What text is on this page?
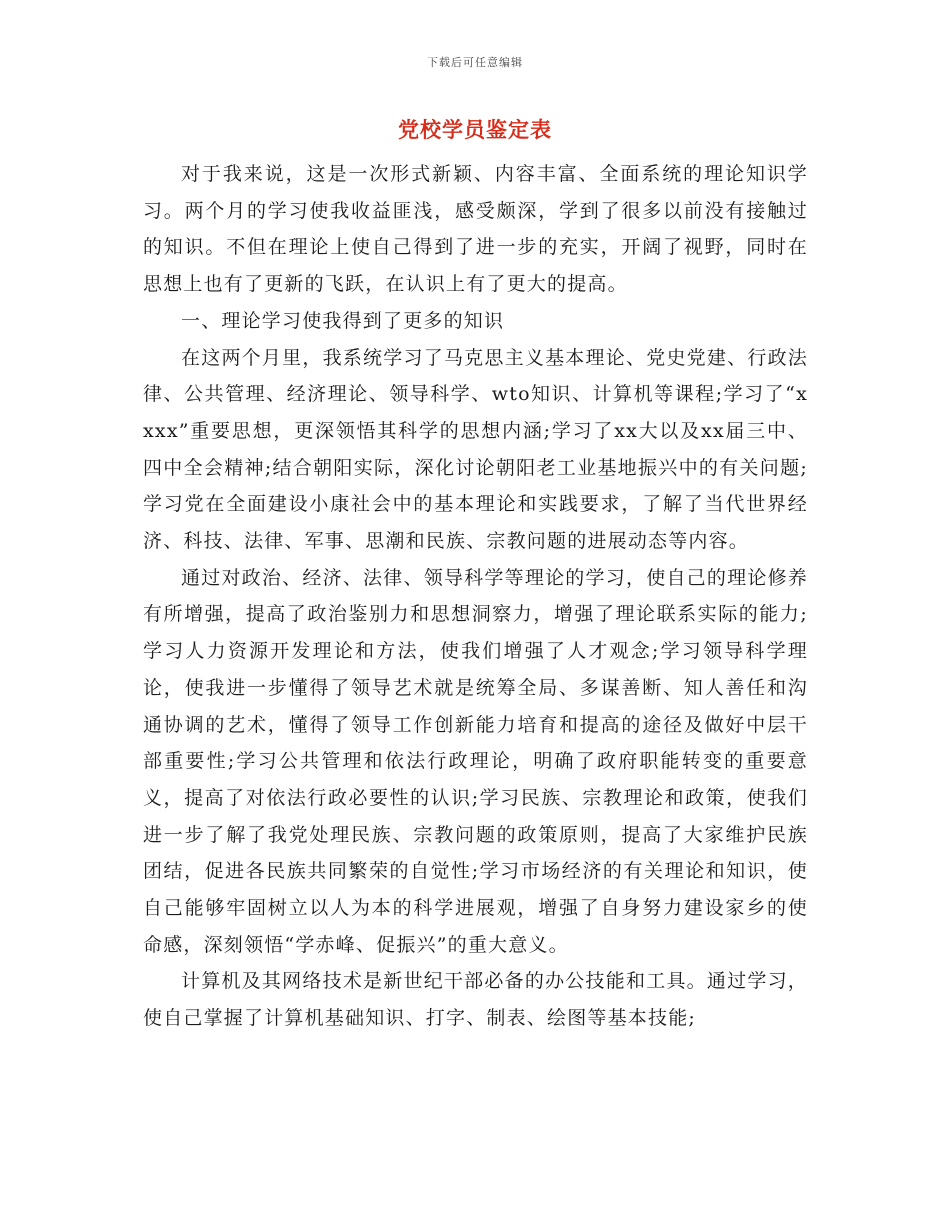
下载后可任意编辑
党校学员鉴定表

对于我来说，这是一次形式新颖、内容丰富、全面系统的理论知识学习。两个月的学习使我收益匪浅，感受颇深，学到了很多以前没有接触过的知识。不但在理论上使自己得到了进一步的充实，开阔了视野，同时在思想上也有了更新的飞跃，在认识上有了更大的提高。

一、理论学习使我得到了更多的知识

在这两个月里，我系统学习了马克思主义基本理论、党史党建、行政法律、公共管理、经济理论、领导科学、wto知识、计算机等课程;学习了“xxxx”重要思想，更深领悟其科学的思想内涵;学习了xx大以及xx届三中、四中全会精神;结合朝阳实际，深化讨论朝阳老工业基地振兴中的有关问题;学习党在全面建设小康社会中的基本理论和实践要求，了解了当代世界经济、科技、法律、军事、思潮和民族、宗教问题的进展动态等内容。

通过对政治、经济、法律、领导科学等理论的学习，使自己的理论修养有所增强，提高了政治鉴别力和思想洞察力，增强了理论联系实际的能力;学习人力资源开发理论和方法，使我们增强了人才观念;学习领导科学理论，使我进一步懂得了领导艺术就是统筹全局、多谋善断、知人善任和沟通协调的艺术，懂得了领导工作创新能力培育和提高的途径及做好中层干部重要性;学习公共管理和依法行政理论，明确了政府职能转变的重要意义，提高了对依法行政必要性的认识;学习民族、宗教理论和政策，使我们进一步了解了我党处理民族、宗教问题的政策原则，提高了大家维护民族团结，促进各民族共同繁荣的自觉性;学习市场经济的有关理论和知识，使自己能够牢固树立以人为本的科学进展观，增强了自身努力建设家乡的使命感，深刻领悟“学赤峰、促振兴”的重大意义。

计算机及其网络技术是新世纪干部必备的办公技能和工具。通过学习，使自己掌握了计算机基础知识、打字、制表、绘图等基本技能;
